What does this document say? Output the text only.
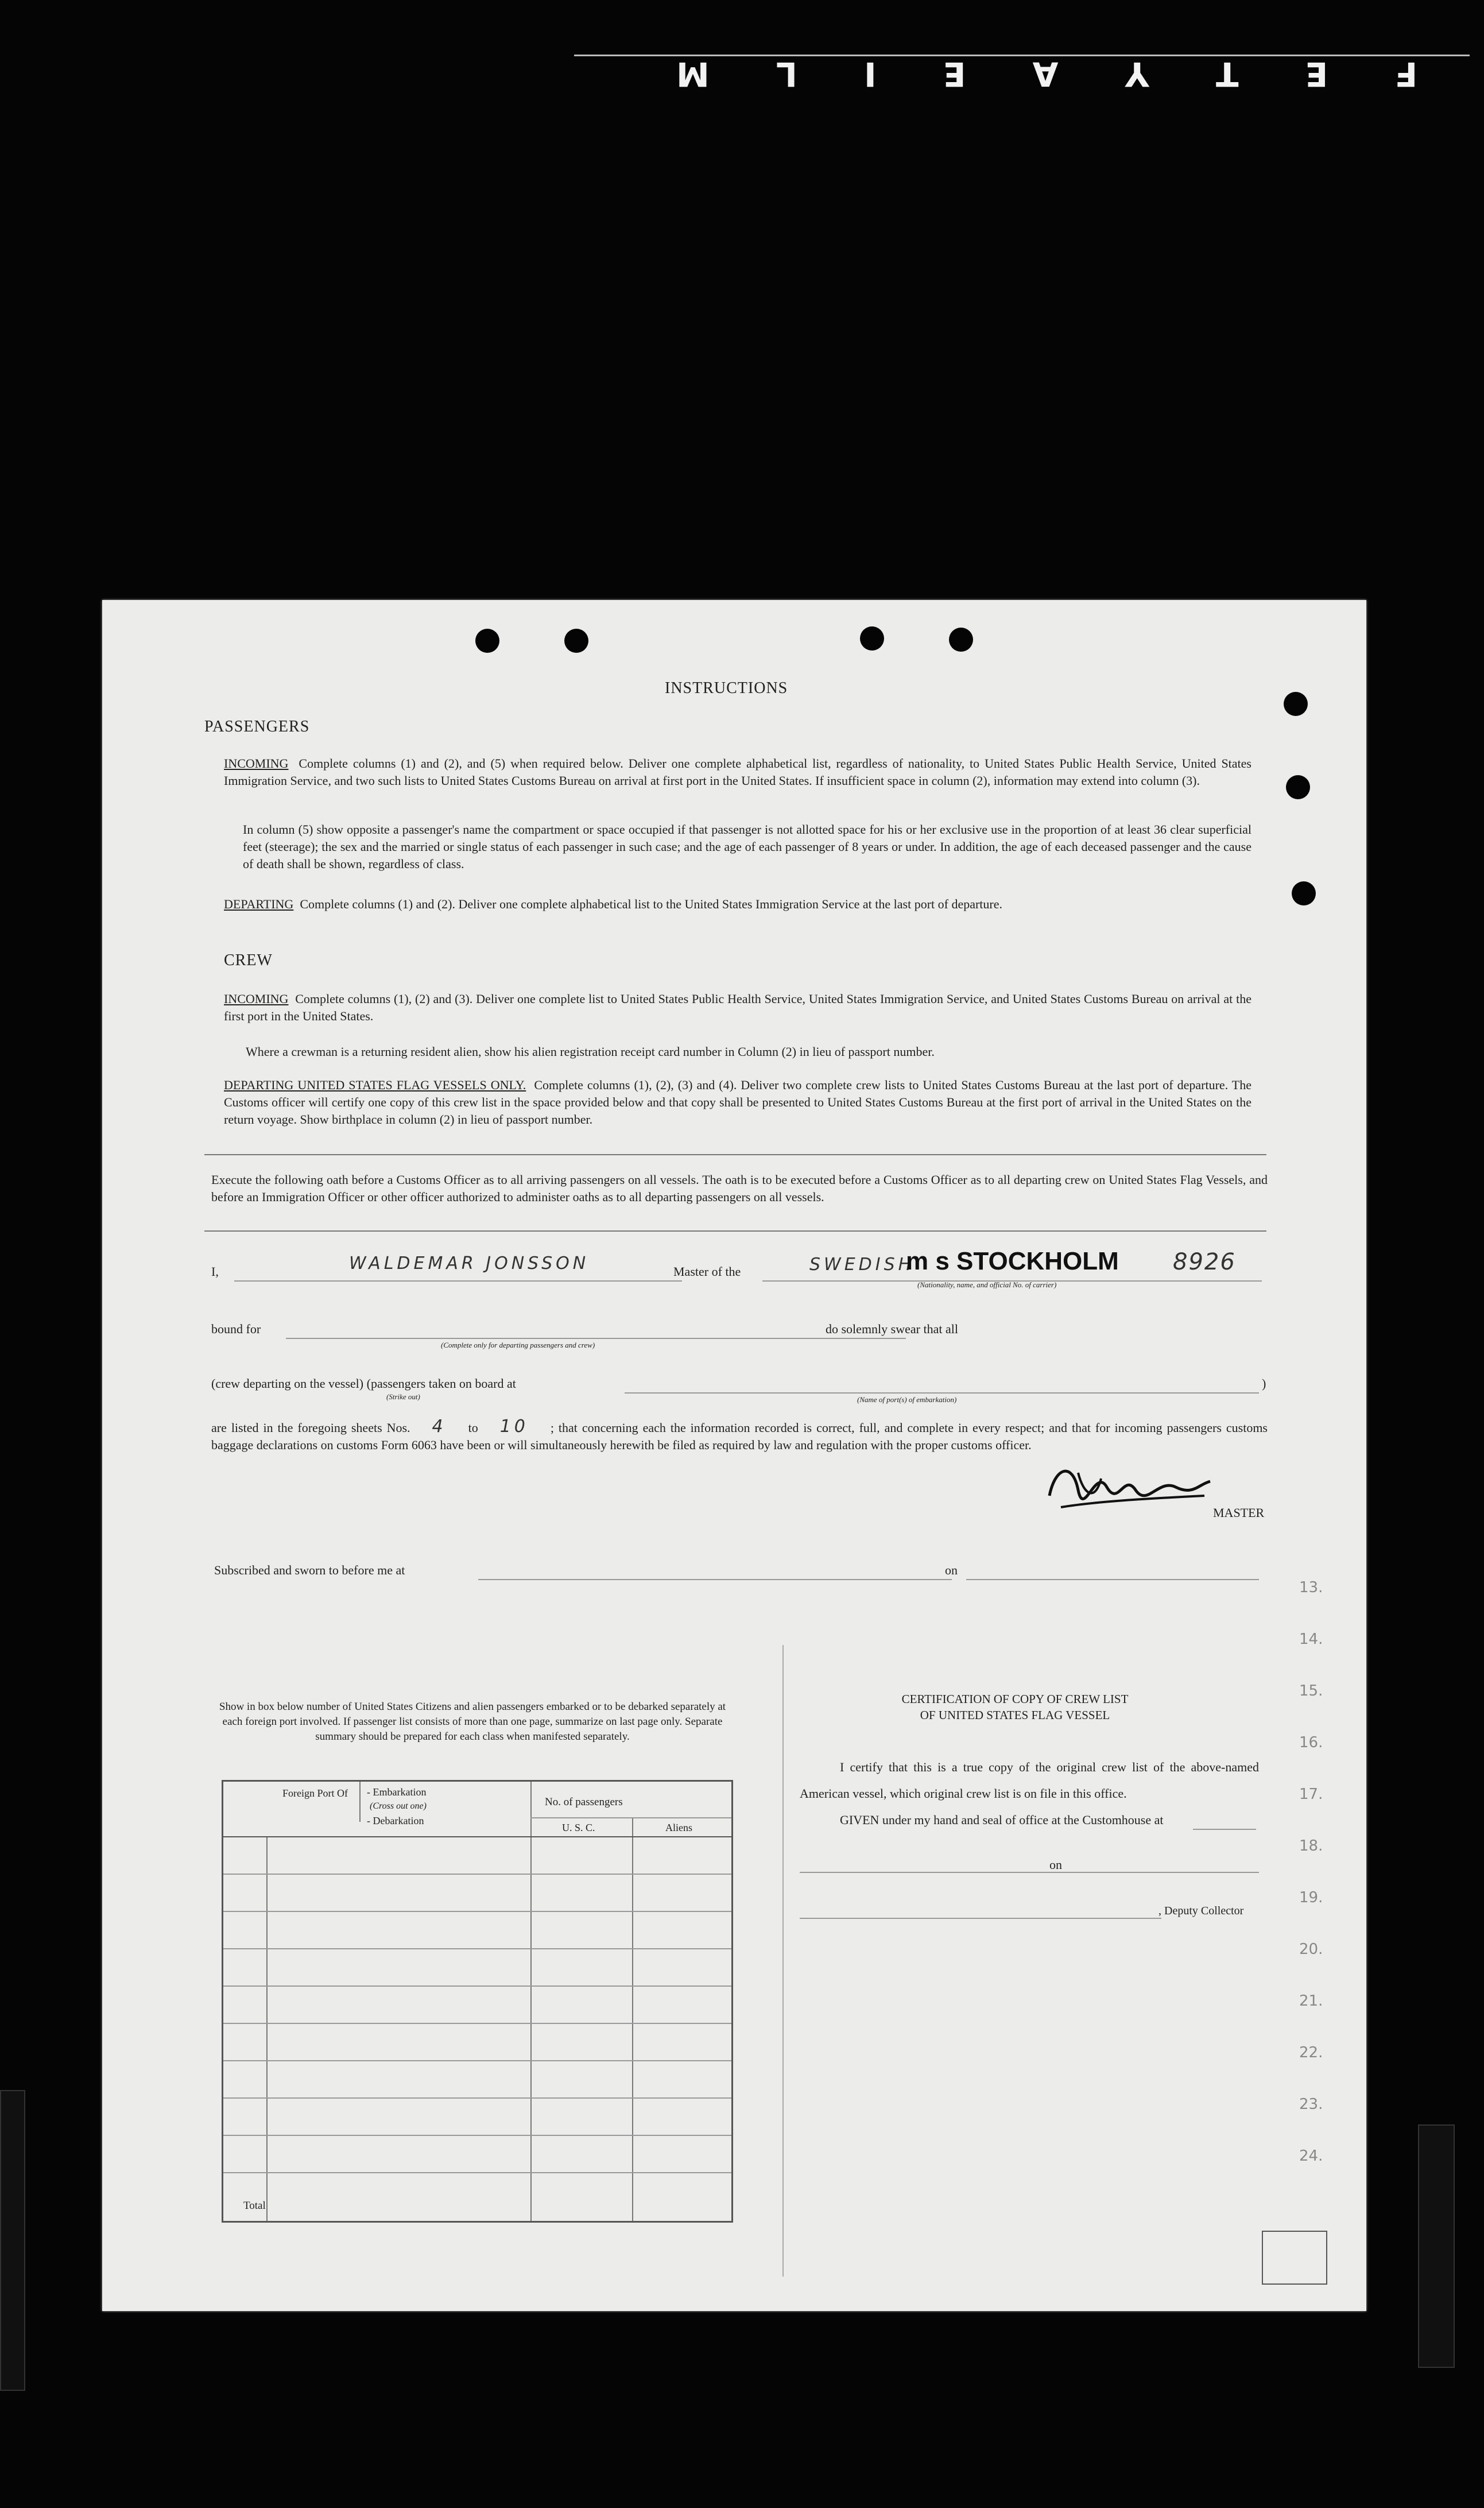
F E T Y A E I L M
INSTRUCTIONS
PASSENGERS
INCOMING Complete columns (1) and (2), and (5) when required below. Deliver one complete alphabetical list, regardless of nationality, to United States Public Health Service, United States Immigration Service, and two such lists to United States Customs Bureau on arrival at first port in the United States. If insufficient space in column (2), information may extend into column (3).
In column (5) show opposite a passenger's name the compartment or space occupied if that passenger is not allotted space for his or her exclusive use in the proportion of at least 36 clear superficial feet (steerage); the sex and the married or single status of each passenger in such case; and the age of each passenger of 8 years or under. In addition, the age of each deceased passenger and the cause of death shall be shown, regardless of class.
DEPARTING Complete columns (1) and (2). Deliver one complete alphabetical list to the United States Immigration Service at the last port of departure.
CREW
INCOMING Complete columns (1), (2) and (3). Deliver one complete list to United States Public Health Service, United States Immigration Service, and United States Customs Bureau on arrival at the first port in the United States.
Where a crewman is a returning resident alien, show his alien registration receipt card number in Column (2) in lieu of passport number.
DEPARTING UNITED STATES FLAG VESSELS ONLY. Complete columns (1), (2), (3) and (4). Deliver two complete crew lists to United States Customs Bureau at the last port of departure. The Customs officer will certify one copy of this crew list in the space provided below and that copy shall be presented to United States Customs Bureau at the first port of arrival in the United States on the return voyage. Show birthplace in column (2) in lieu of passport number.
Execute the following oath before a Customs Officer as to all arriving passengers on all vessels. The oath is to be executed before a Customs Officer as to all departing crew on United States Flag Vessels, and before an Immigration Officer or other officer authorized to administer oaths as to all departing passengers on all vessels.
I,	WALDEMAR JONSSON	Master of the	SWEDISH
m s STOCKHOLM 8926
(Nationality, name, and official No. of carrier)
bound for
(Complete only for departing passengers and crew)
do solemnly swear that all
(crew departing on the vessel) (passengers taken on board at
(Strike out)	(Name of port(s) of embarkation)
)
are listed in the foregoing sheets Nos. 4 to 10 ; that concerning each the information recorded is correct, full, and complete in every respect; and that for incoming passengers customs baggage declarations on customs Form 6063 have been or will simultaneously herewith be filed as required by law and regulation with the proper customs officer.
MASTER
Subscribed and sworn to before me at	on
Show in box below number of United States Citizens and alien passengers embarked or to be debarked separately at each foreign port involved. If passenger list consists of more than one page, summarize on last page only. Separate summary should be prepared for each class when manifested separately.
Foreign Port Of - Embarkation
(Cross out one)
- Debarkation
No. of passengers
U. S. C.	Aliens
Total
CERTIFICATION OF COPY OF CREW LIST
OF UNITED STATES FLAG VESSEL
I certify that this is a true copy of the original crew list of the above-named American vessel, which original crew list is on file in this office.
GIVEN under my hand and seal of office at the Customhouse at
on
, Deputy Collector
13.
14.
15.
16.
17.
18.
19.
20.
21.
22.
23.
24.
